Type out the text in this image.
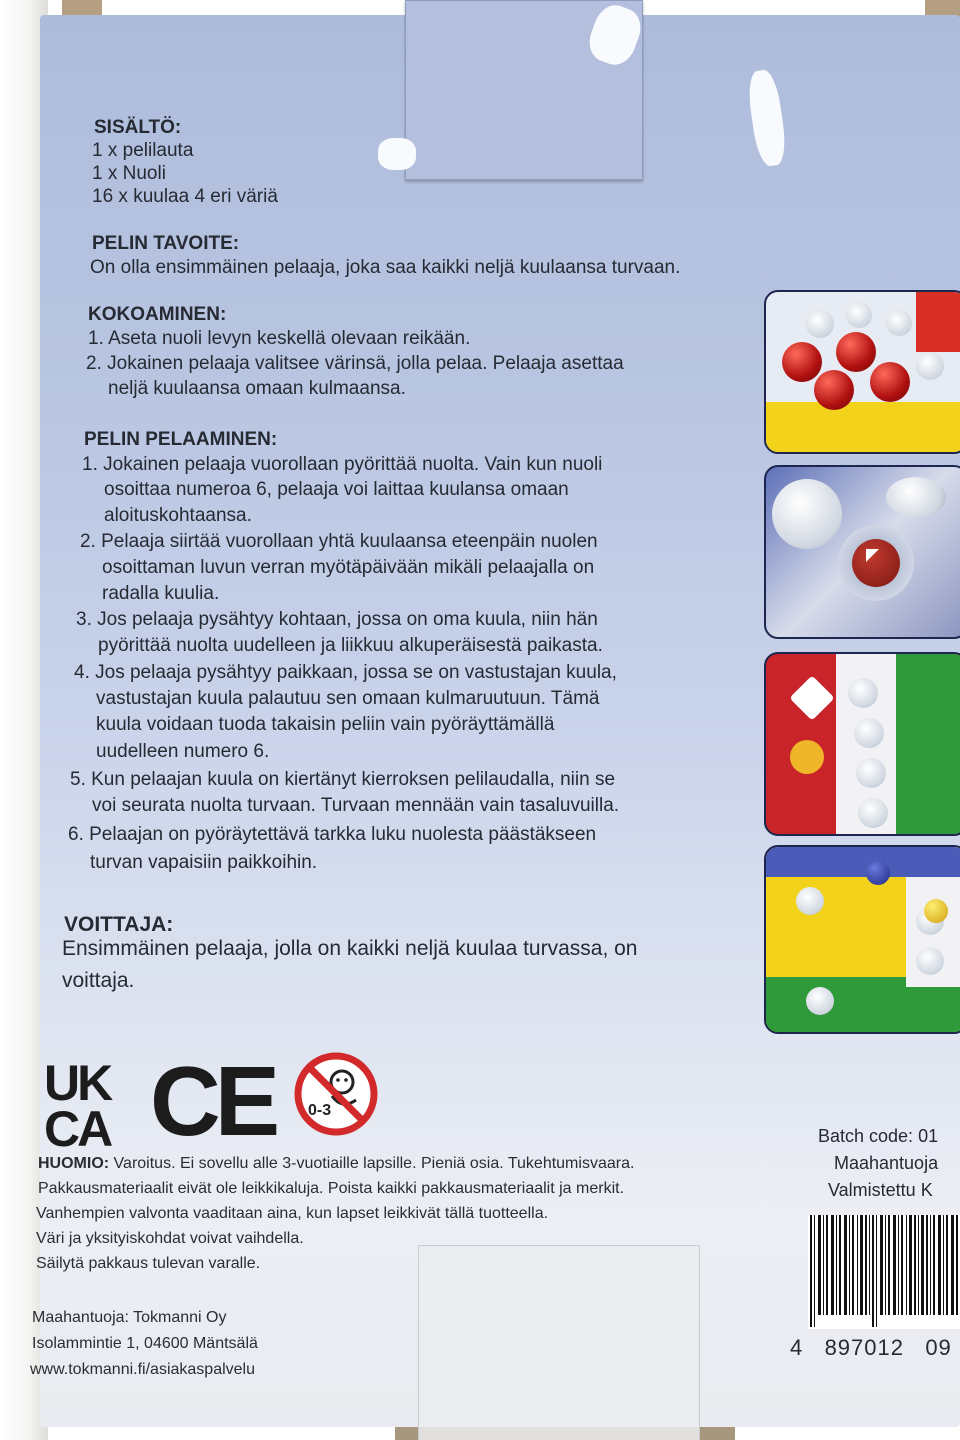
SISÄLTÖ:
1 x pelilauta
1 x Nuoli
16 x kuulaa 4 eri väriä
PELIN TAVOITE:
On olla ensimmäinen pelaaja, joka saa kaikki neljä kuulaansa turvaan.
KOKOAMINEN:
1. Aseta nuoli levyn keskellä olevaan reikään.
2. Jokainen pelaaja valitsee värinsä, jolla pelaa. Pelaaja asettaa
neljä kuulaansa omaan kulmaansa.
PELIN PELAAMINEN:
1. Jokainen pelaaja vuorollaan pyörittää nuolta. Vain kun nuoli
osoittaa numeroa 6, pelaaja voi laittaa kuulansa omaan
aloituskohtaansa.
2. Pelaaja siirtää vuorollaan yhtä kuulaansa eteenpäin nuolen
osoittaman luvun verran myötäpäivään mikäli pelaajalla on
radalla kuulia.
3. Jos pelaaja pysähtyy kohtaan, jossa on oma kuula, niin hän
pyörittää nuolta uudelleen ja liikkuu alkuperäisestä paikasta.
4. Jos pelaaja pysähtyy paikkaan, jossa se on vastustajan kuula,
vastustajan kuula palautuu sen omaan kulmaruutuun. Tämä
kuula voidaan tuoda takaisin peliin vain pyöräyttämällä
uudelleen numero 6.
5. Kun pelaajan kuula on kiertänyt kierroksen pelilaudalla, niin se
voi seurata nuolta turvaan. Turvaan mennään vain tasaluvuilla.
6. Pelaajan on pyöräytettävä tarkka luku nuolesta päästäkseen
turvan vapaisiin paikkoihin.
VOITTAJA:
Ensimmäinen pelaaja, jolla on kaikki neljä kuulaa turvassa, on
voittaja.
UK
CA CE 0-3
HUOMIO: Varoitus. Ei sovellu alle 3-vuotiaille lapsille. Pieniä osia. Tukehtumisvaara.
Pakkausmateriaalit eivät ole leikkikaluja. Poista kaikki pakkausmateriaalit ja merkit.
Vanhempien valvonta vaaditaan aina, kun lapset leikkivät tällä tuotteella.
Väri ja yksityiskohdat voivat vaihdella.
Säilytä pakkaus tulevan varalle.
Maahantuoja: Tokmanni Oy
Isolammintie 1, 04600 Mäntsälä
www.tokmanni.fi/asiakaspalvelu
Batch code: 01
Maahantuoja
Valmistettu K
4   897012   09
